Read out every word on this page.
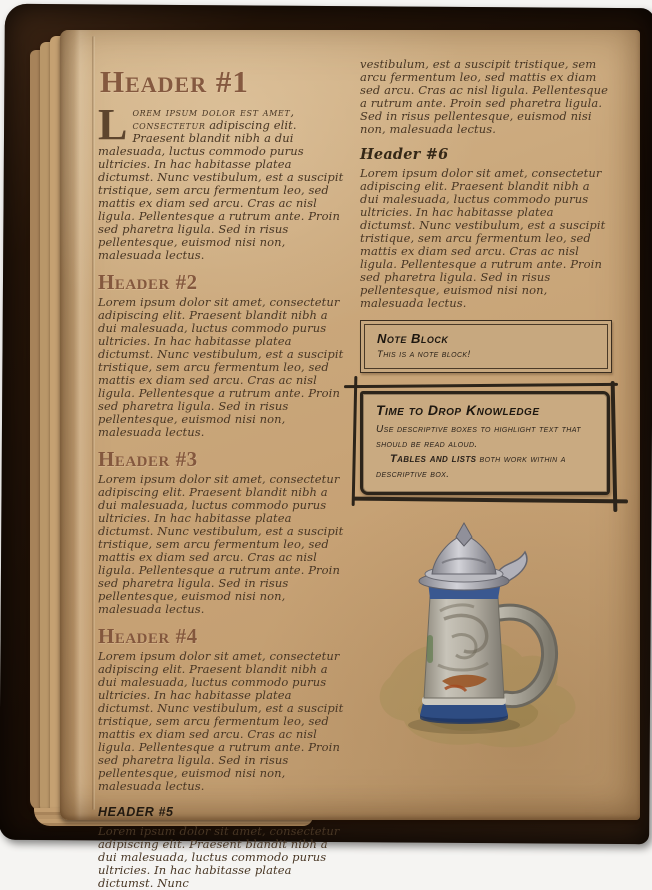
Header #1

Lorem ipsum dolor est amet, consectetur adipiscing elit. Praesent blandit nibh a dui malesuada, luctus commodo purus ultricies. In hac habitasse platea dictumst. Nunc vestibulum, est a suscipit tristique, sem arcu fermentum leo, sed mattis ex diam sed arcu. Cras ac nisl ligula. Pellentesque a rutrum ante. Proin sed pharetra ligula. Sed in risus pellentesque, euismod nisi non, malesuada lectus.

Header #2

Lorem ipsum dolor sit amet, consectetur adipiscing elit. Praesent blandit nibh a dui malesuada, luctus commodo purus ultricies. In hac habitasse platea dictumst. Nunc vestibulum, est a suscipit tristique, sem arcu fermentum leo, sed mattis ex diam sed arcu. Cras ac nisl ligula. Pellentesque a rutrum ante. Proin sed pharetra ligula. Sed in risus pellentesque, euismod nisi non, malesuada lectus.

Header #3

Lorem ipsum dolor sit amet, consectetur adipiscing elit. Praesent blandit nibh a dui malesuada, luctus commodo purus ultricies. In hac habitasse platea dictumst. Nunc vestibulum, est a suscipit tristique, sem arcu fermentum leo, sed mattis ex diam sed arcu. Cras ac nisl ligula. Pellentesque a rutrum ante. Proin sed pharetra ligula. Sed in risus pellentesque, euismod nisi non, malesuada lectus.

Header #4

Lorem ipsum dolor sit amet, consectetur adipiscing elit. Praesent blandit nibh a dui malesuada, luctus commodo purus ultricies. In hac habitasse platea dictumst. Nunc vestibulum, est a suscipit tristique, sem arcu fermentum leo, sed mattis ex diam sed arcu. Cras ac nisl ligula. Pellentesque a rutrum ante. Proin sed pharetra ligula. Sed in risus pellentesque, euismod nisi non, malesuada lectus.

HEADER #5

Lorem ipsum dolor sit amet, consectetur adipiscing elit. Praesent blandit nibh a dui malesuada, luctus commodo purus ultricies. In hac habitasse platea dictumst. Nunc

vestibulum, est a suscipit tristique, sem arcu fermentum leo, sed mattis ex diam sed arcu. Cras ac nisl ligula. Pellentesque a rutrum ante. Proin sed pharetra ligula. Sed in risus pellentesque, euismod nisi non, malesuada lectus.

Header #6

Lorem ipsum dolor sit amet, consectetur adipiscing elit. Praesent blandit nibh a dui malesuada, luctus commodo purus ultricies. In hac habitasse platea dictumst. Nunc vestibulum, est a suscipit tristique, sem arcu fermentum leo, sed mattis ex diam sed arcu. Cras ac nisl ligula. Pellentesque a rutrum ante. Proin sed pharetra ligula. Sed in risus pellentesque, euismod nisi non, malesuada lectus.

Note Block

This is a note block!

Time to Drop Knowledge

Use descriptive boxes to highlight text that should be read aloud.

Tables and lists both work within a descriptive box.
